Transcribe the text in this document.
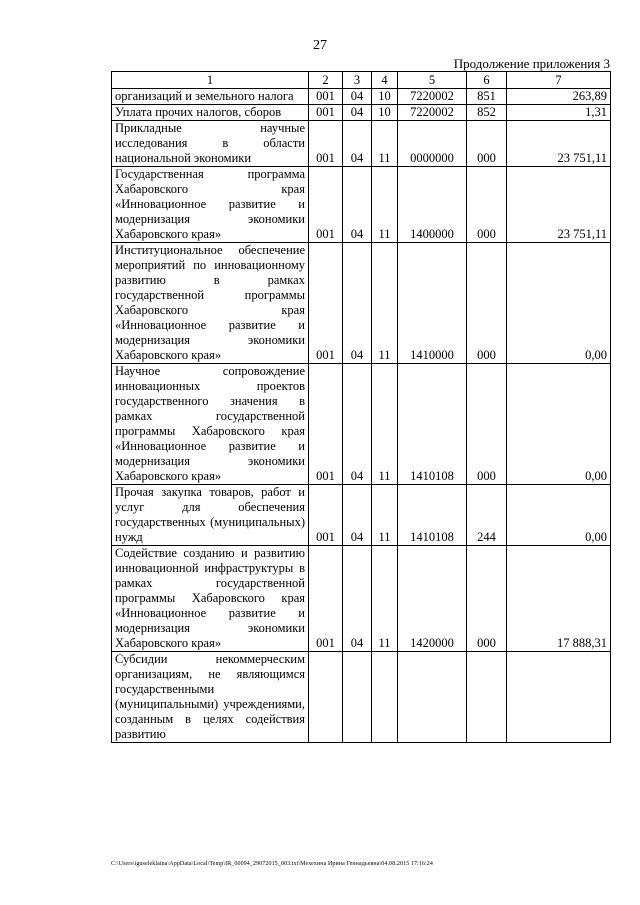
27
Продолжение приложения 3
1	2	3	4	5	6	7
организаций и земельного налога	001	04	10	7220002	851	263,89
Уплата прочих налогов, сборов	001	04	10	7220002	852	1,31
Прикладные научные исследования в области национальной экономики	001	04	11	0000000	000	23 751,11
Государственная программа Хабаровского края «Инновационное развитие и модернизация экономики Хабаровского края»	001	04	11	1400000	000	23 751,11
Институциональное обеспечение мероприятий по инновационному развитию в рамках государственной программы Хабаровского края «Инновационное развитие и модернизация экономики Хабаровского края»	001	04	11	1410000	000	0,00
Научное сопровождение инновационных проектов государственного значения в рамках государственной программы Хабаровского края «Инновационное развитие и модернизация экономики Хабаровского края»	001	04	11	1410108	000	0,00
Прочая закупка товаров, работ и услуг для обеспечения государственных (муниципальных) нужд	001	04	11	1410108	244	0,00
Содействие созданию и развитию инновационной инфраструктуры в рамках государственной программы Хабаровского края «Инновационное развитие и модернизация экономики Хабаровского края»	001	04	11	1420000	000	17 888,31
Субсидии некоммерческим организациям, не являющимся государственными (муниципальными) учреждениями, созданным в целях содействия развитию						
C:\Users\iguseleklaina\AppData\Local\Temp\IR_00094_29072015_003.txt\Мехехина Ирина Геннадьевна\04.08.2015 17:16:24
